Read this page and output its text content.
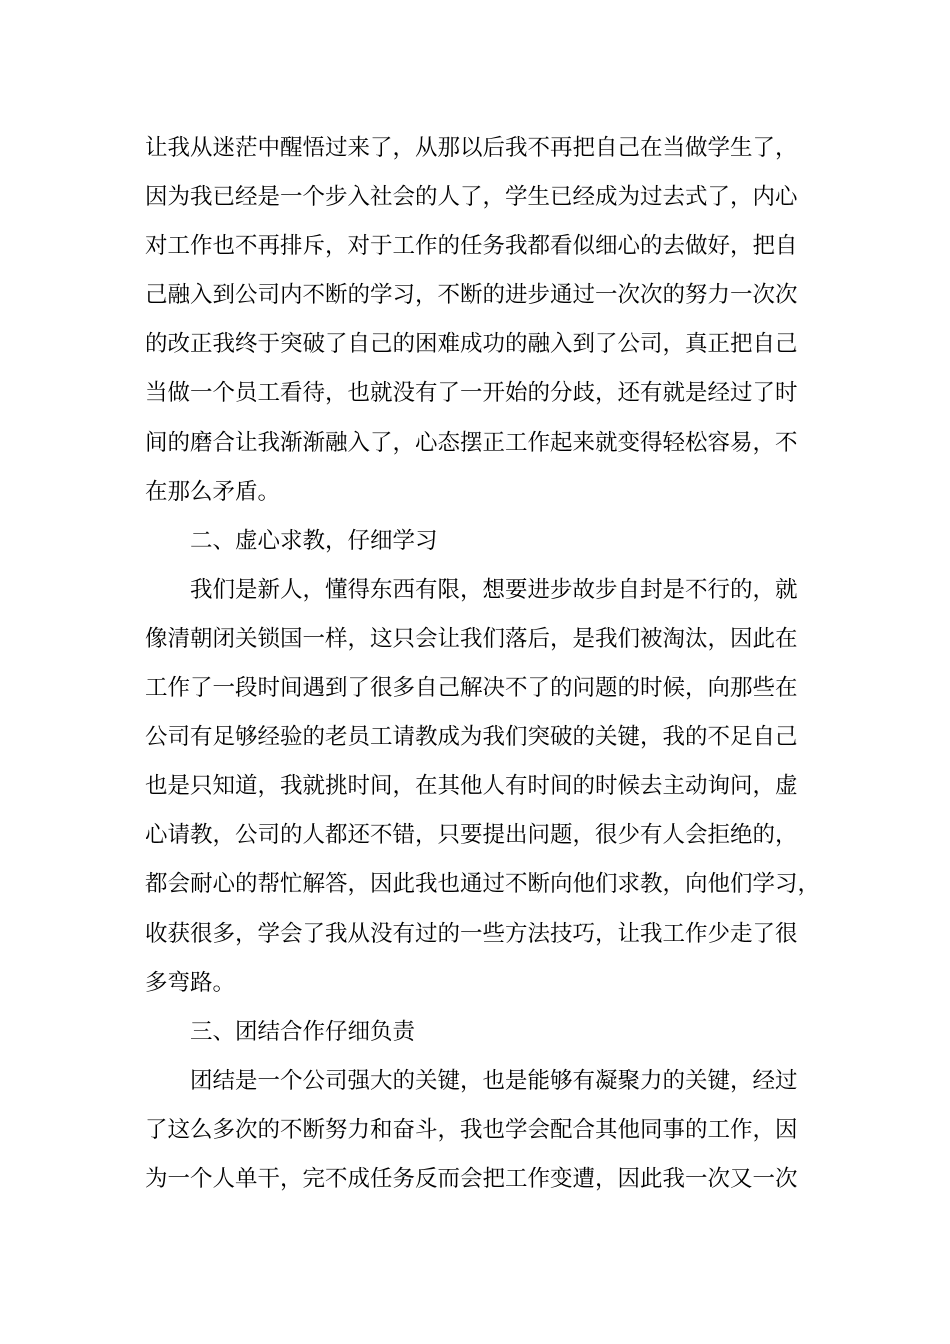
让我从迷茫中醒悟过来了，从那以后我不再把自己在当做学生了，
因为我已经是一个步入社会的人了，学生已经成为过去式了，内心
对工作也不再排斥，对于工作的任务我都看似细心的去做好，把自
己融入到公司内不断的学习，不断的进步通过一次次的努力一次次
的改正我终于突破了自己的困难成功的融入到了公司，真正把自己
当做一个员工看待，也就没有了一开始的分歧，还有就是经过了时
间的磨合让我渐渐融入了，心态摆正工作起来就变得轻松容易，不
在那么矛盾。
二、虚心求教，仔细学习
我们是新人，懂得东西有限，想要进步故步自封是不行的，就
像清朝闭关锁国一样，这只会让我们落后，是我们被淘汰，因此在
工作了一段时间遇到了很多自己解决不了的问题的时候，向那些在
公司有足够经验的老员工请教成为我们突破的关键，我的不足自己
也是只知道，我就挑时间，在其他人有时间的时候去主动询问，虚
心请教，公司的人都还不错，只要提出问题，很少有人会拒绝的，
都会耐心的帮忙解答，因此我也通过不断向他们求教，向他们学习，
收获很多，学会了我从没有过的一些方法技巧，让我工作少走了很
多弯路。
三、团结合作仔细负责
团结是一个公司强大的关键，也是能够有凝聚力的关键，经过
了这么多次的不断努力和奋斗，我也学会配合其他同事的工作，因
为一个人单干，完不成任务反而会把工作变遭，因此我一次又一次
